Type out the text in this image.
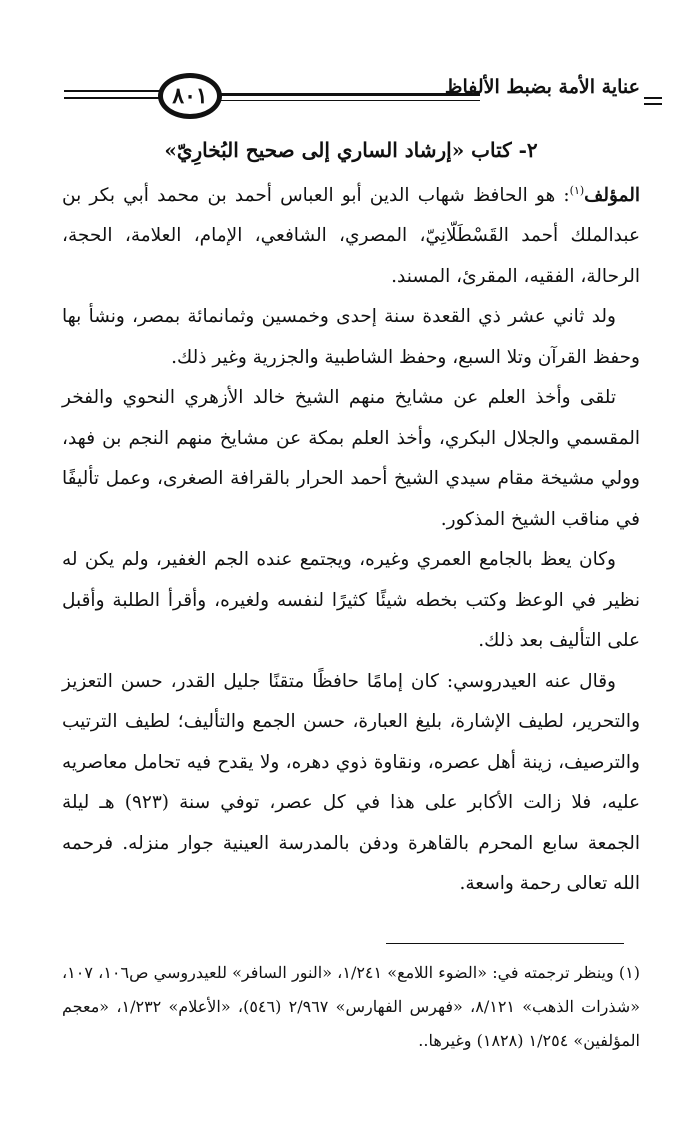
٨٠١	عناية الأمة بضبط الألفاظ

٢- كتاب «إرشاد الساري إلى صحيح البُخارِيّ»

المؤلف$^{(١)}$: هو الحافظ شهاب الدين أبو العباس أحمد بن محمد أبي بكر بن عبدالملك أحمد القَسْطَلّانِيّ، المصري، الشافعي، الإمام، العلامة، الحجة، الرحالة، الفقيه، المقرئ، المسند.

ولد ثاني عشر ذي القعدة سنة إحدى وخمسين وثمانمائة بمصر، ونشأ بها وحفظ القرآن وتلا السبع، وحفظ الشاطبية والجزرية وغير ذلك.

تلقى وأخذ العلم عن مشايخ منهم الشيخ خالد الأزهري النحوي والفخر المقسمي والجلال البكري، وأخذ العلم بمكة عن مشايخ منهم النجم بن فهد، وولي مشيخة مقام سيدي الشيخ أحمد الحرار بالقرافة الصغرى، وعمل تأليفًا في مناقب الشيخ المذكور.

وكان يعظ بالجامع العمري وغيره، ويجتمع عنده الجم الغفير، ولم يكن له نظير في الوعظ وكتب بخطه شيئًا كثيرًا لنفسه ولغيره، وأقرأ الطلبة وأقبل على التأليف بعد ذلك.

وقال عنه العيدروسي: كان إمامًا حافظًا متقنًا جليل القدر، حسن التعزيز والتحرير، لطيف الإشارة، بليغ العبارة، حسن الجمع والتأليف؛ لطيف الترتيب والترصيف، زينة أهل عصره، ونقاوة ذوي دهره، ولا يقدح فيه تحامل معاصريه عليه، فلا زالت الأكابر على هذا في كل عصر، توفي سنة (٩٢٣) هـ ليلة الجمعة سابع المحرم بالقاهرة ودفن بالمدرسة العينية جوار منزله. فرحمه الله تعالى رحمة واسعة.

(١) وينظر ترجمته في: «الضوء اللامع» ١/٢٤١، «النور السافر» للعيدروسي ص١٠٦، ١٠٧، «شذرات الذهب» ٨/١٢١، «فهرس الفهارس» ٢/٩٦٧ (٥٤٦)، «الأعلام» ١/٢٣٢، «معجم المؤلفين» ١/٢٥٤ (١٨٢٨) وغيرها..
